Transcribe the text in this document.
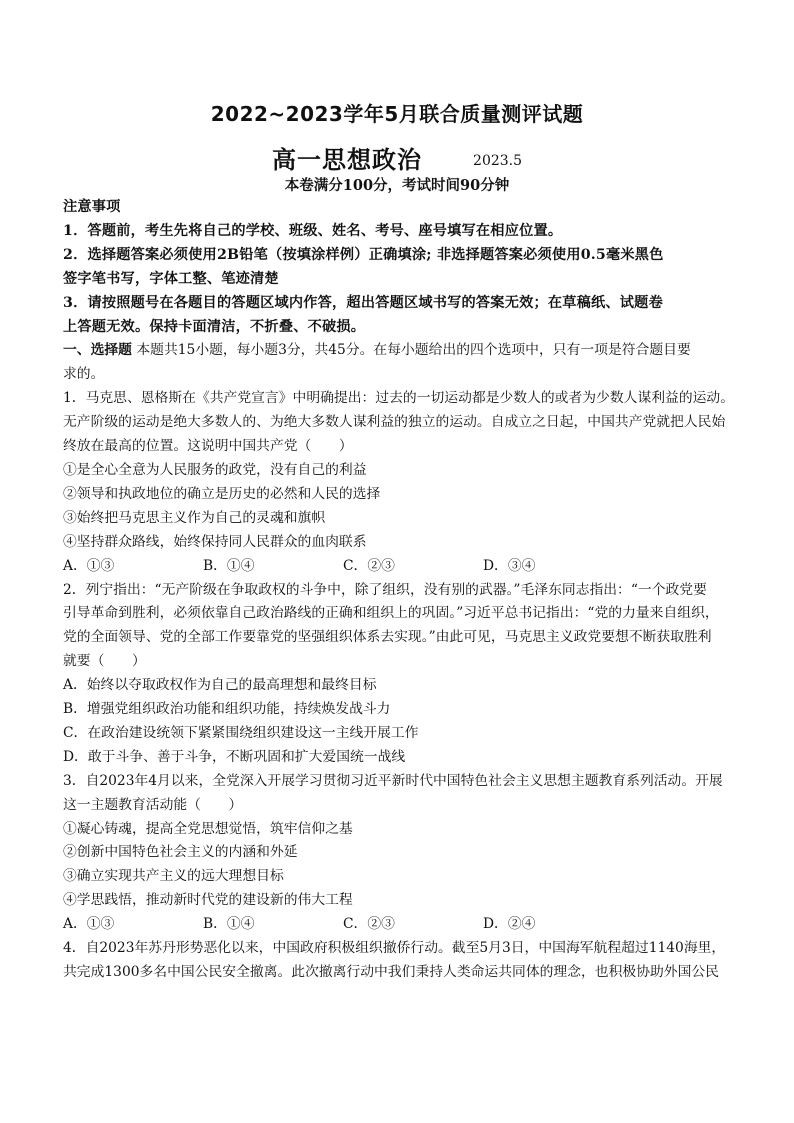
2022~2023学年5月联合质量测评试题
高一思想政治	2023.5
本卷满分100分，考试时间90分钟

注意事项

1．答题前，考生先将自己的学校、班级、姓名、考号、座号填写在相应位置。

2．选择题答案必须使用2B铅笔（按填涂样例）正确填涂; 非选择题答案必须使用0.5毫米黑色

签字笔书写，字体工整、笔迹清楚

3．请按照题号在各题目的答题区域内作答，超出答题区域书写的答案无效；在草稿纸、试题卷

上答题无效。保持卡面清洁，不折叠、不破损。

一、选择题 本题共15小题，每小题3分，共45分。在每小题给出的四个选项中，只有一项是符合题目要

求的。

1．马克思、恩格斯在《共产党宣言》中明确提出：过去的一切运动都是少数人的或者为少数人谋利益的运动。

无产阶级的运动是绝大多数人的、为绝大多数人谋利益的独立的运动。自成立之日起，中国共产党就把人民始

终放在最高的位置。这说明中国共产党（　　）

①是全心全意为人民服务的政党，没有自己的利益

②领导和执政地位的确立是历史的必然和人民的选择

③始终把马克思主义作为自己的灵魂和旗帜

④坚持群众路线，始终保持同人民群众的血肉联系

A．①③	B．①④	C．②③	D．③④

2．列宁指出：“无产阶级在争取政权的斗争中，除了组织，没有别的武器。”毛泽东同志指出：“一个政党要

引导革命到胜利，必须依靠自己政治路线的正确和组织上的巩固。”习近平总书记指出：“党的力量来自组织，

党的全面领导、党的全部工作要靠党的坚强组织体系去实现。”由此可见，马克思主义政党要想不断获取胜利

就要（　　）

A．始终以夺取政权作为自己的最高理想和最终目标

B．增强党组织政治功能和组织功能，持续焕发战斗力

C．在政治建设统领下紧紧围绕组织建设这一主线开展工作

D．敢于斗争、善于斗争，不断巩固和扩大爱国统一战线

3．自2023年4月以来，全党深入开展学习贯彻习近平新时代中国特色社会主义思想主题教育系列活动。开展

这一主题教育活动能（　　）

①凝心铸魂，提高全党思想觉悟，筑牢信仰之基

②创新中国特色社会主义的内涵和外延

③确立实现共产主义的远大理想目标

④学思践悟，推动新时代党的建设新的伟大工程

A．①③	B．①④	C．②③	D．②④

4．自2023年苏丹形势恶化以来，中国政府积极组织撤侨行动。截至5月3日，中国海军航程超过1140海里，

共完成1300多名中国公民安全撤离。此次撤离行动中我们秉持人类命运共同体的理念，也积极协助外国公民
